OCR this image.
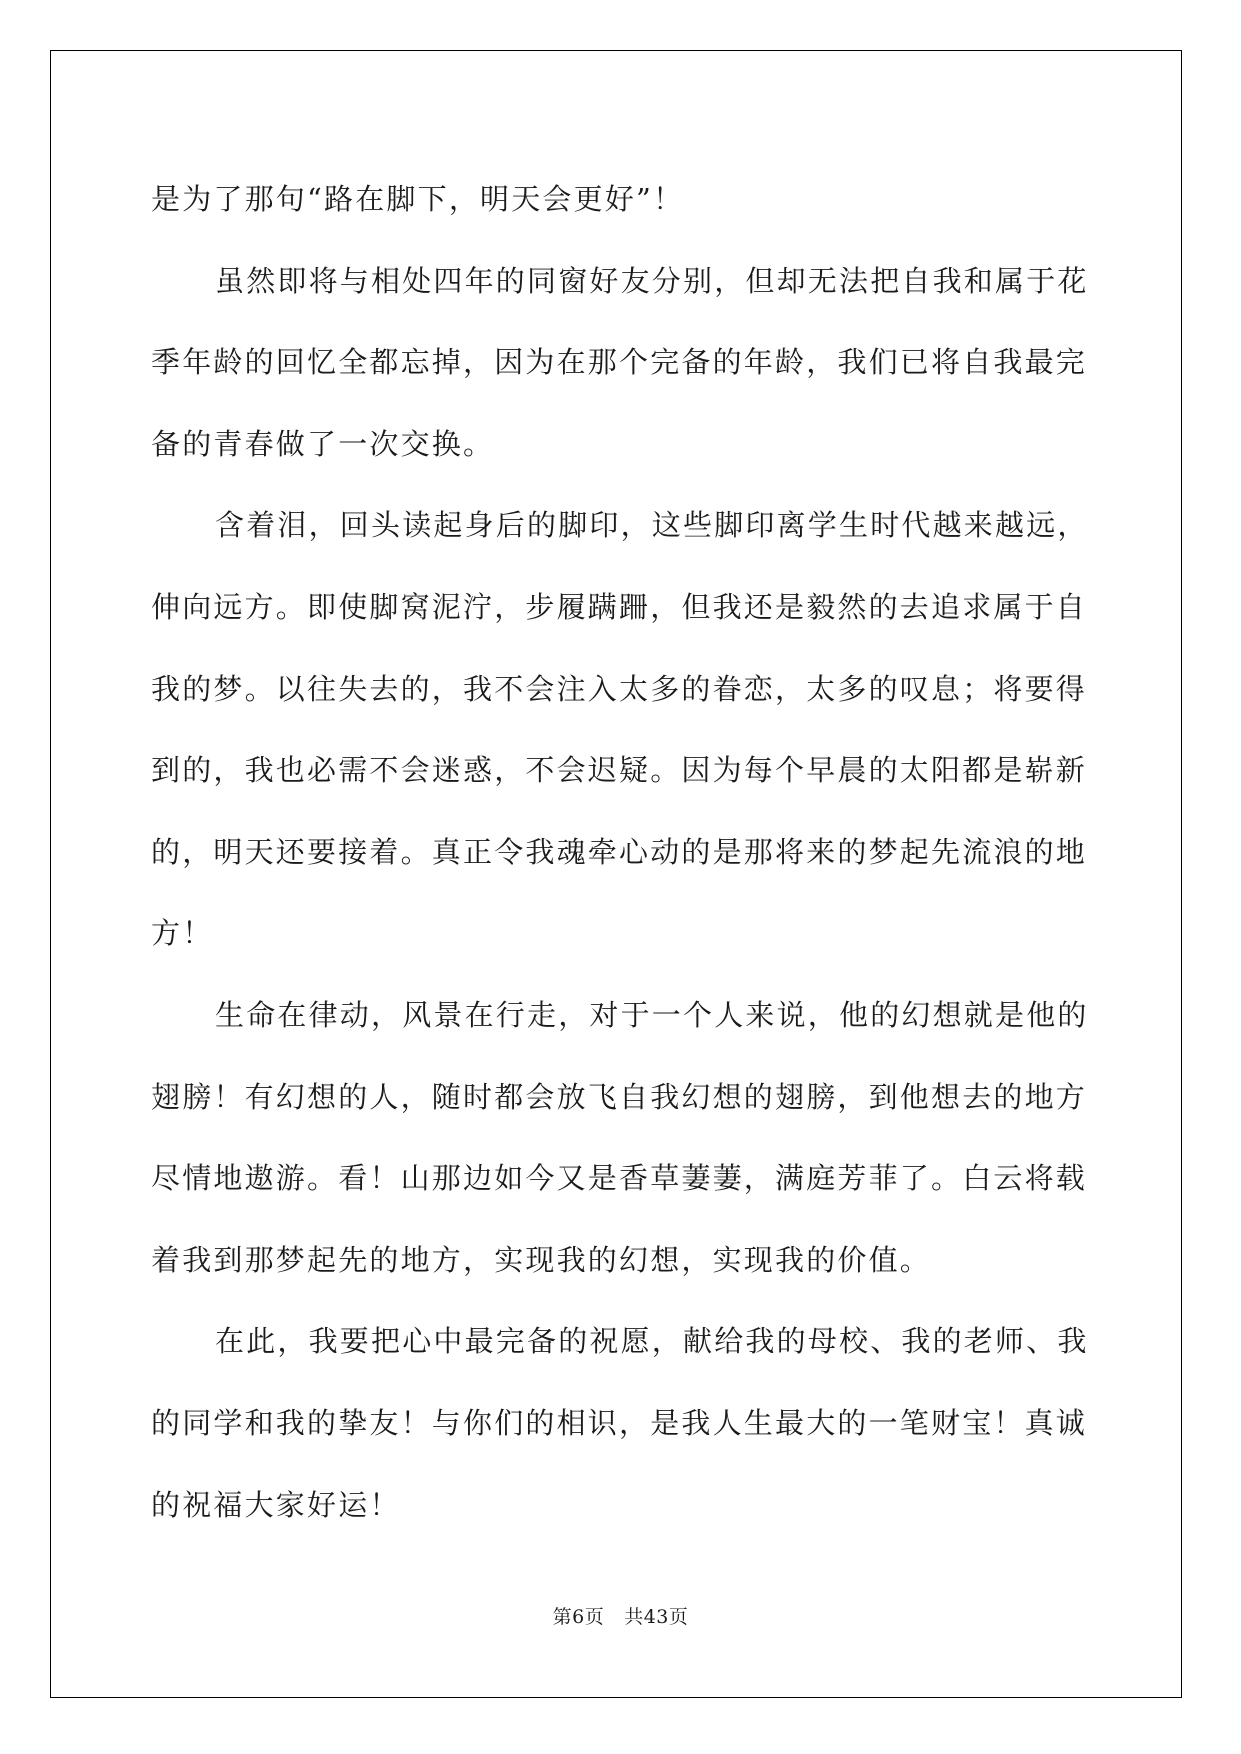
是为了那句“路在脚下，明天会更好”！
虽然即将与相处四年的同窗好友分别，但却无法把自我和属于花
季年龄的回忆全都忘掉，因为在那个完备的年龄，我们已将自我最完
备的青春做了一次交换。
含着泪，回头读起身后的脚印，这些脚印离学生时代越来越远，
伸向远方。即使脚窝泥泞，步履蹒跚，但我还是毅然的去追求属于自
我的梦。以往失去的，我不会注入太多的眷恋，太多的叹息；将要得
到的，我也必需不会迷惑，不会迟疑。因为每个早晨的太阳都是崭新
的，明天还要接着。真正令我魂牵心动的是那将来的梦起先流浪的地
方！
生命在律动，风景在行走，对于一个人来说，他的幻想就是他的
翅膀！有幻想的人，随时都会放飞自我幻想的翅膀，到他想去的地方
尽情地遨游。看！山那边如今又是香草萋萋，满庭芳菲了。白云将载
着我到那梦起先的地方，实现我的幻想，实现我的价值。
在此，我要把心中最完备的祝愿，献给我的母校、我的老师、我
的同学和我的挚友！与你们的相识，是我人生最大的一笔财宝！真诚
的祝福大家好运！
第6页 共43页
